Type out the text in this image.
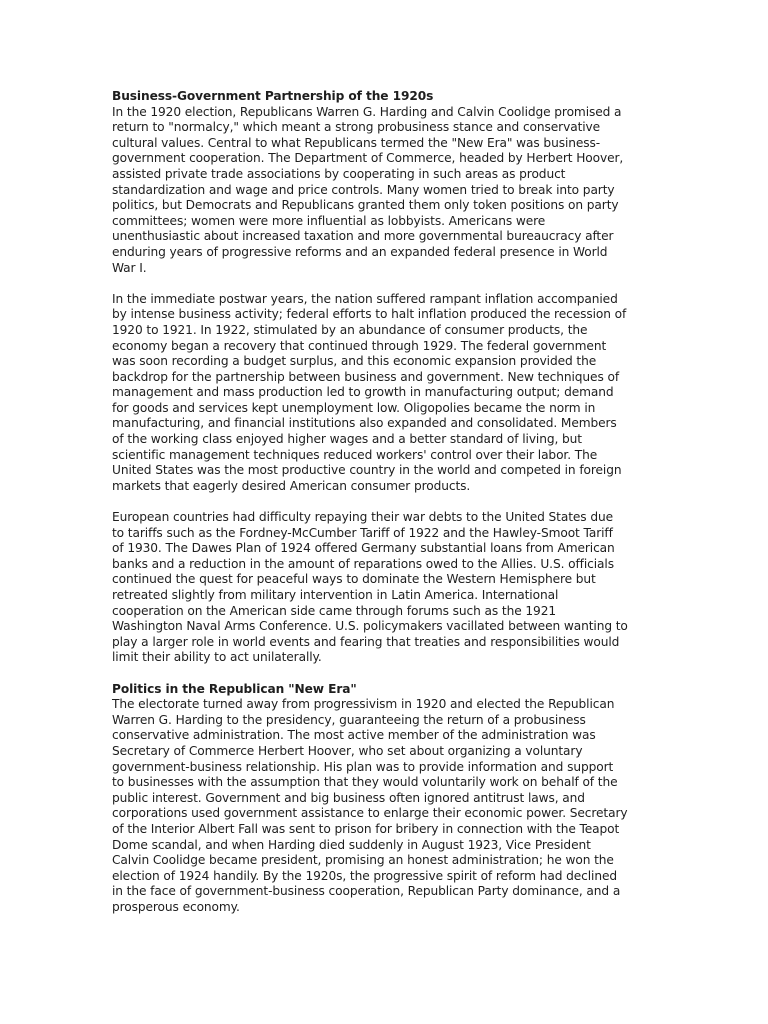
Business-Government Partnership of the 1920s

In the 1920 election, Republicans Warren G. Harding and Calvin Coolidge promised a
return to "normalcy," which meant a strong probusiness stance and conservative
cultural values. Central to what Republicans termed the "New Era" was business-
government cooperation. The Department of Commerce, headed by Herbert Hoover,
assisted private trade associations by cooperating in such areas as product
standardization and wage and price controls. Many women tried to break into party
politics, but Democrats and Republicans granted them only token positions on party
committees; women were more influential as lobbyists. Americans were
unenthusiastic about increased taxation and more governmental bureaucracy after
enduring years of progressive reforms and an expanded federal presence in World
War I.

In the immediate postwar years, the nation suffered rampant inflation accompanied
by intense business activity; federal efforts to halt inflation produced the recession of
1920 to 1921. In 1922, stimulated by an abundance of consumer products, the
economy began a recovery that continued through 1929. The federal government
was soon recording a budget surplus, and this economic expansion provided the
backdrop for the partnership between business and government. New techniques of
management and mass production led to growth in manufacturing output; demand
for goods and services kept unemployment low. Oligopolies became the norm in
manufacturing, and financial institutions also expanded and consolidated. Members
of the working class enjoyed higher wages and a better standard of living, but
scientific management techniques reduced workers' control over their labor. The
United States was the most productive country in the world and competed in foreign
markets that eagerly desired American consumer products.

European countries had difficulty repaying their war debts to the United States due
to tariffs such as the Fordney-McCumber Tariff of 1922 and the Hawley-Smoot Tariff
of 1930. The Dawes Plan of 1924 offered Germany substantial loans from American
banks and a reduction in the amount of reparations owed to the Allies. U.S. officials
continued the quest for peaceful ways to dominate the Western Hemisphere but
retreated slightly from military intervention in Latin America. International
cooperation on the American side came through forums such as the 1921
Washington Naval Arms Conference. U.S. policymakers vacillated between wanting to
play a larger role in world events and fearing that treaties and responsibilities would
limit their ability to act unilaterally.

Politics in the Republican "New Era"

The electorate turned away from progressivism in 1920 and elected the Republican
Warren G. Harding to the presidency, guaranteeing the return of a probusiness
conservative administration. The most active member of the administration was
Secretary of Commerce Herbert Hoover, who set about organizing a voluntary
government-business relationship. His plan was to provide information and support
to businesses with the assumption that they would voluntarily work on behalf of the
public interest. Government and big business often ignored antitrust laws, and
corporations used government assistance to enlarge their economic power. Secretary
of the Interior Albert Fall was sent to prison for bribery in connection with the Teapot
Dome scandal, and when Harding died suddenly in August 1923, Vice President
Calvin Coolidge became president, promising an honest administration; he won the
election of 1924 handily. By the 1920s, the progressive spirit of reform had declined
in the face of government-business cooperation, Republican Party dominance, and a
prosperous economy.
